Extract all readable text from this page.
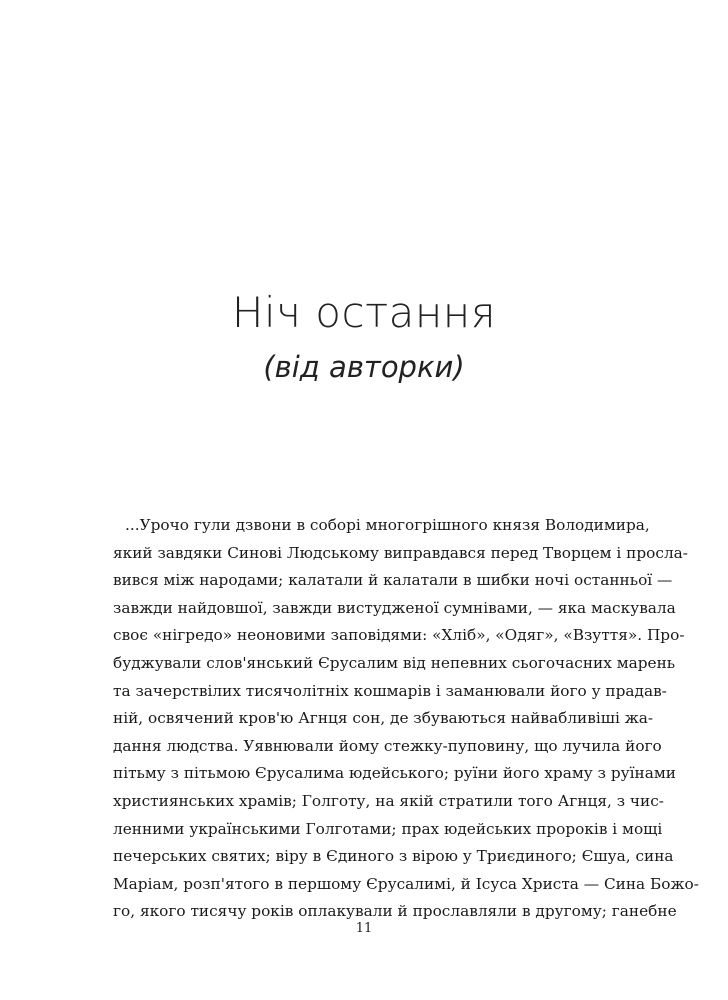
Ніч остання
(від авторки)
...Урочо гули дзвони в соборі многогрішного князя Володимира,
який завдяки Синові Людському виправдався перед Творцем і просла-
вився між народами; калатали й калатали в шибки ночі останньої —
завжди найдовшої, завжди вистудженої сумнівами, — яка маскувала
своє «нігредо» неоновими заповідями: «Хліб», «Одяг», «Взуття». Про-
буджували слов'янський Єрусалим від непевних сьогочасних марень
та зачерствілих тисячолітніх кошмарів і заманювали його у прадав-
ній, освячений кров'ю Агнця сон, де збуваються найвабливіші жа-
дання людства. Уявнювали йому стежку-пуповину, що лучила його
пітьму з пітьмою Єрусалима юдейського; руїни його храму з руїнами
християнських храмів; Голготу, на якій стратили того Агнця, з чис-
ленними українськими Голготами; прах юдейських пророків і мощі
печерських святих; віру в Єдиного з вірою у Триєдиного; Єшуа, сина
Маріам, розп'ятого в першому Єрусалимі, й Ісуса Христа — Сина Божо-
го, якого тисячу років оплакували й прославляли в другому; ганебне
11
